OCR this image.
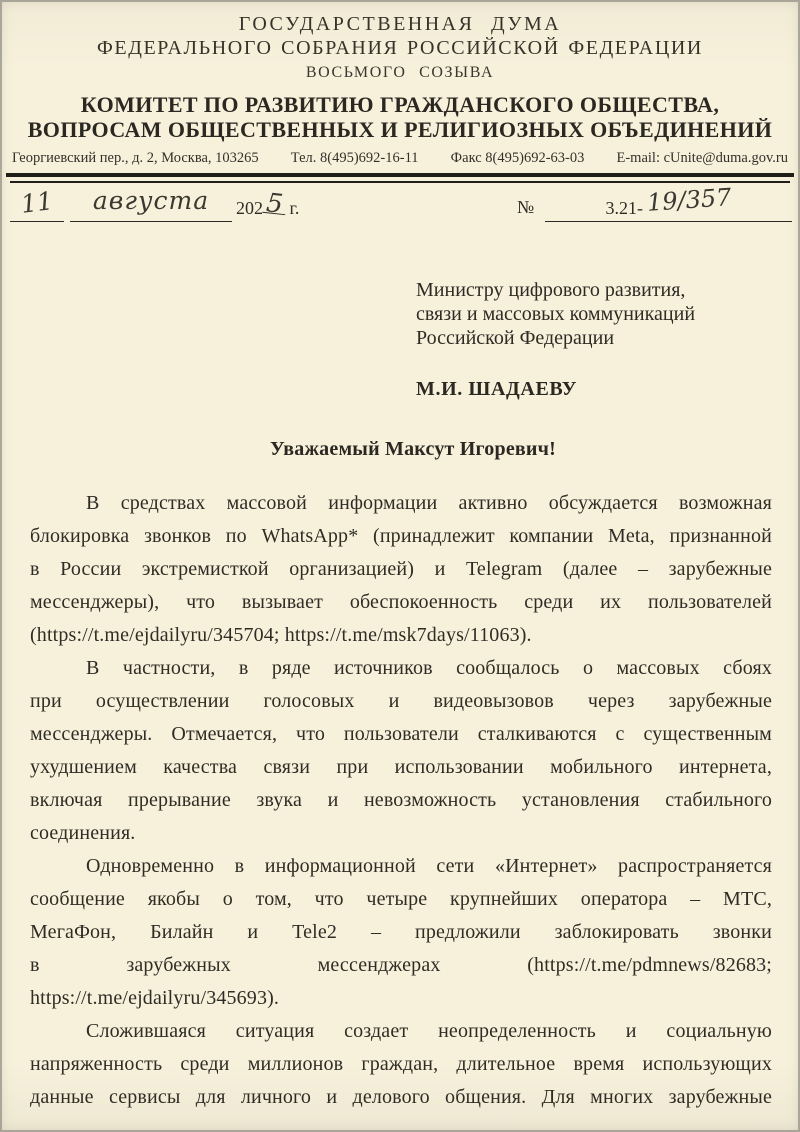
ГОСУДАРСТВЕННАЯ ДУМА
ФЕДЕРАЛЬНОГО СОБРАНИЯ РОССИЙСКОЙ ФЕДЕРАЦИИ
ВОСЬМОГО СОЗЫВА
КОМИТЕТ ПО РАЗВИТИЮ ГРАЖДАНСКОГО ОБЩЕСТВА,
ВОПРОСАМ ОБЩЕСТВЕННЫХ И РЕЛИГИОЗНЫХ ОБЪЕДИНЕНИЙ
Георгиевский пер., д. 2, Москва, 103265 Тел. 8(495)692-16-11 Факс 8(495)692-63-03 E-mail: cUnite@duma.gov.ru
11	августа	2025 г.	№	3.21- 19/357
Министру цифрового развития,
связи и массовых коммуникаций
Российской Федерации
М.И. ШАДАЕВУ
Уважаемый Максут Игоревич!
В средствах массовой информации активно обсуждается возможная
блокировка звонков по WhatsApp* (принадлежит компании Meta, признанной
в России экстремисткой организацией) и Telegram (далее – зарубежные
мессенджеры), что вызывает обеспокоенность среди их пользователей
(https://t.me/ejdailyru/345704; https://t.me/msk7days/11063).
В частности, в ряде источников сообщалось о массовых сбоях
при осуществлении голосовых и видеовызовов через зарубежные
мессенджеры. Отмечается, что пользователи сталкиваются с существенным
ухудшением качества связи при использовании мобильного интернета,
включая прерывание звука и невозможность установления стабильного
соединения.
Одновременно в информационной сети «Интернет» распространяется
сообщение якобы о том, что четыре крупнейших оператора – МТС,
МегаФон, Билайн и Tele2 – предложили заблокировать звонки
в зарубежных мессенджерах (https://t.me/pdmnews/82683;
https://t.me/ejdailyru/345693).
Сложившаяся ситуация создает неопределенность и социальную
напряженность среди миллионов граждан, длительное время использующих
данные сервисы для личного и делового общения. Для многих зарубежные
